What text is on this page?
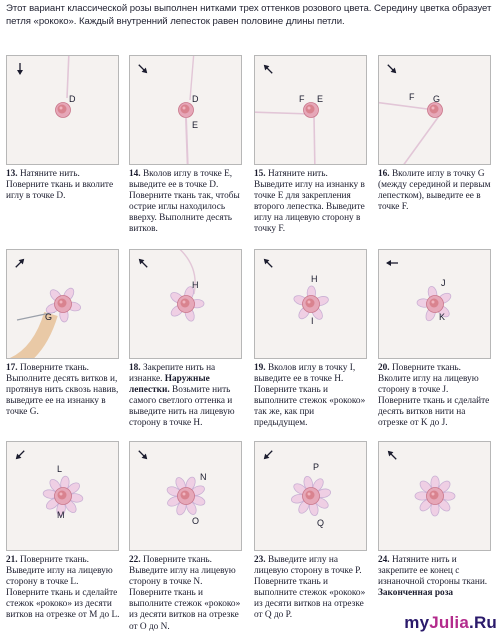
Этот вариант классической розы выполнен нитками трех оттенков розового цвета. Середину цветка образует петля «рококо». Каждый внутренний лепесток равен половине длины петли.

D

13. Натяните нить. Поверните ткань и вколите иглу в точке D.

D
E

14. Вколов иглу в точке E, выведите ее в точке D. Поверните ткань так, чтобы острие иглы находилось вверху. Выполните десять витков.

F E

15. Натяните нить. Выведите иглу на изнанку в точке E для закрепления второго лепестка. Выведите иглу на лицевую сторону в точку F.

F G

16. Вколите иглу в точку G (между серединой и первым лепестком), выведите ее в точке F.

G

17. Поверните ткань. Выполните десять витков и, протянув нить сквозь навив, выведите ее на изнанку в точке G.

H

18. Закрепите нить на изнанке. Наружные лепестки. Возьмите нить самого светлого оттенка и выведите нить на лицевую сторону в точке H.

H
I

19. Вколов иглу в точку I, выведите ее в точке H. Поверните ткань и выполните стежок «рококо» так же, как при предыдущем.

J
K

20. Поверните ткань. Вколите иглу на лицевую сторону в точке J. Поверните ткань и сделайте десять витков нити на отрезке от K до J.

L
M

21. Поверните ткань. Выведите иглу на лицевую сторону в точке L. Поверните ткань и сделайте стежок «рококо» из десяти витков на отрезке от M до L.

N
O

22. Поверните ткань. Выведите иглу на лицевую сторону в точке N. Поверните ткань и выполните стежок «рококо» из десяти витков на отрезке от O до N.

P
Q

23. Выведите иглу на лицевую сторону в точке P. Поверните ткань и выполните стежок «рококо» из десяти витков на отрезке от Q до P.

24. Натяните нить и закрепите ее конец с изнаночной стороны ткани. Законченная роза

myJulia.Ru
